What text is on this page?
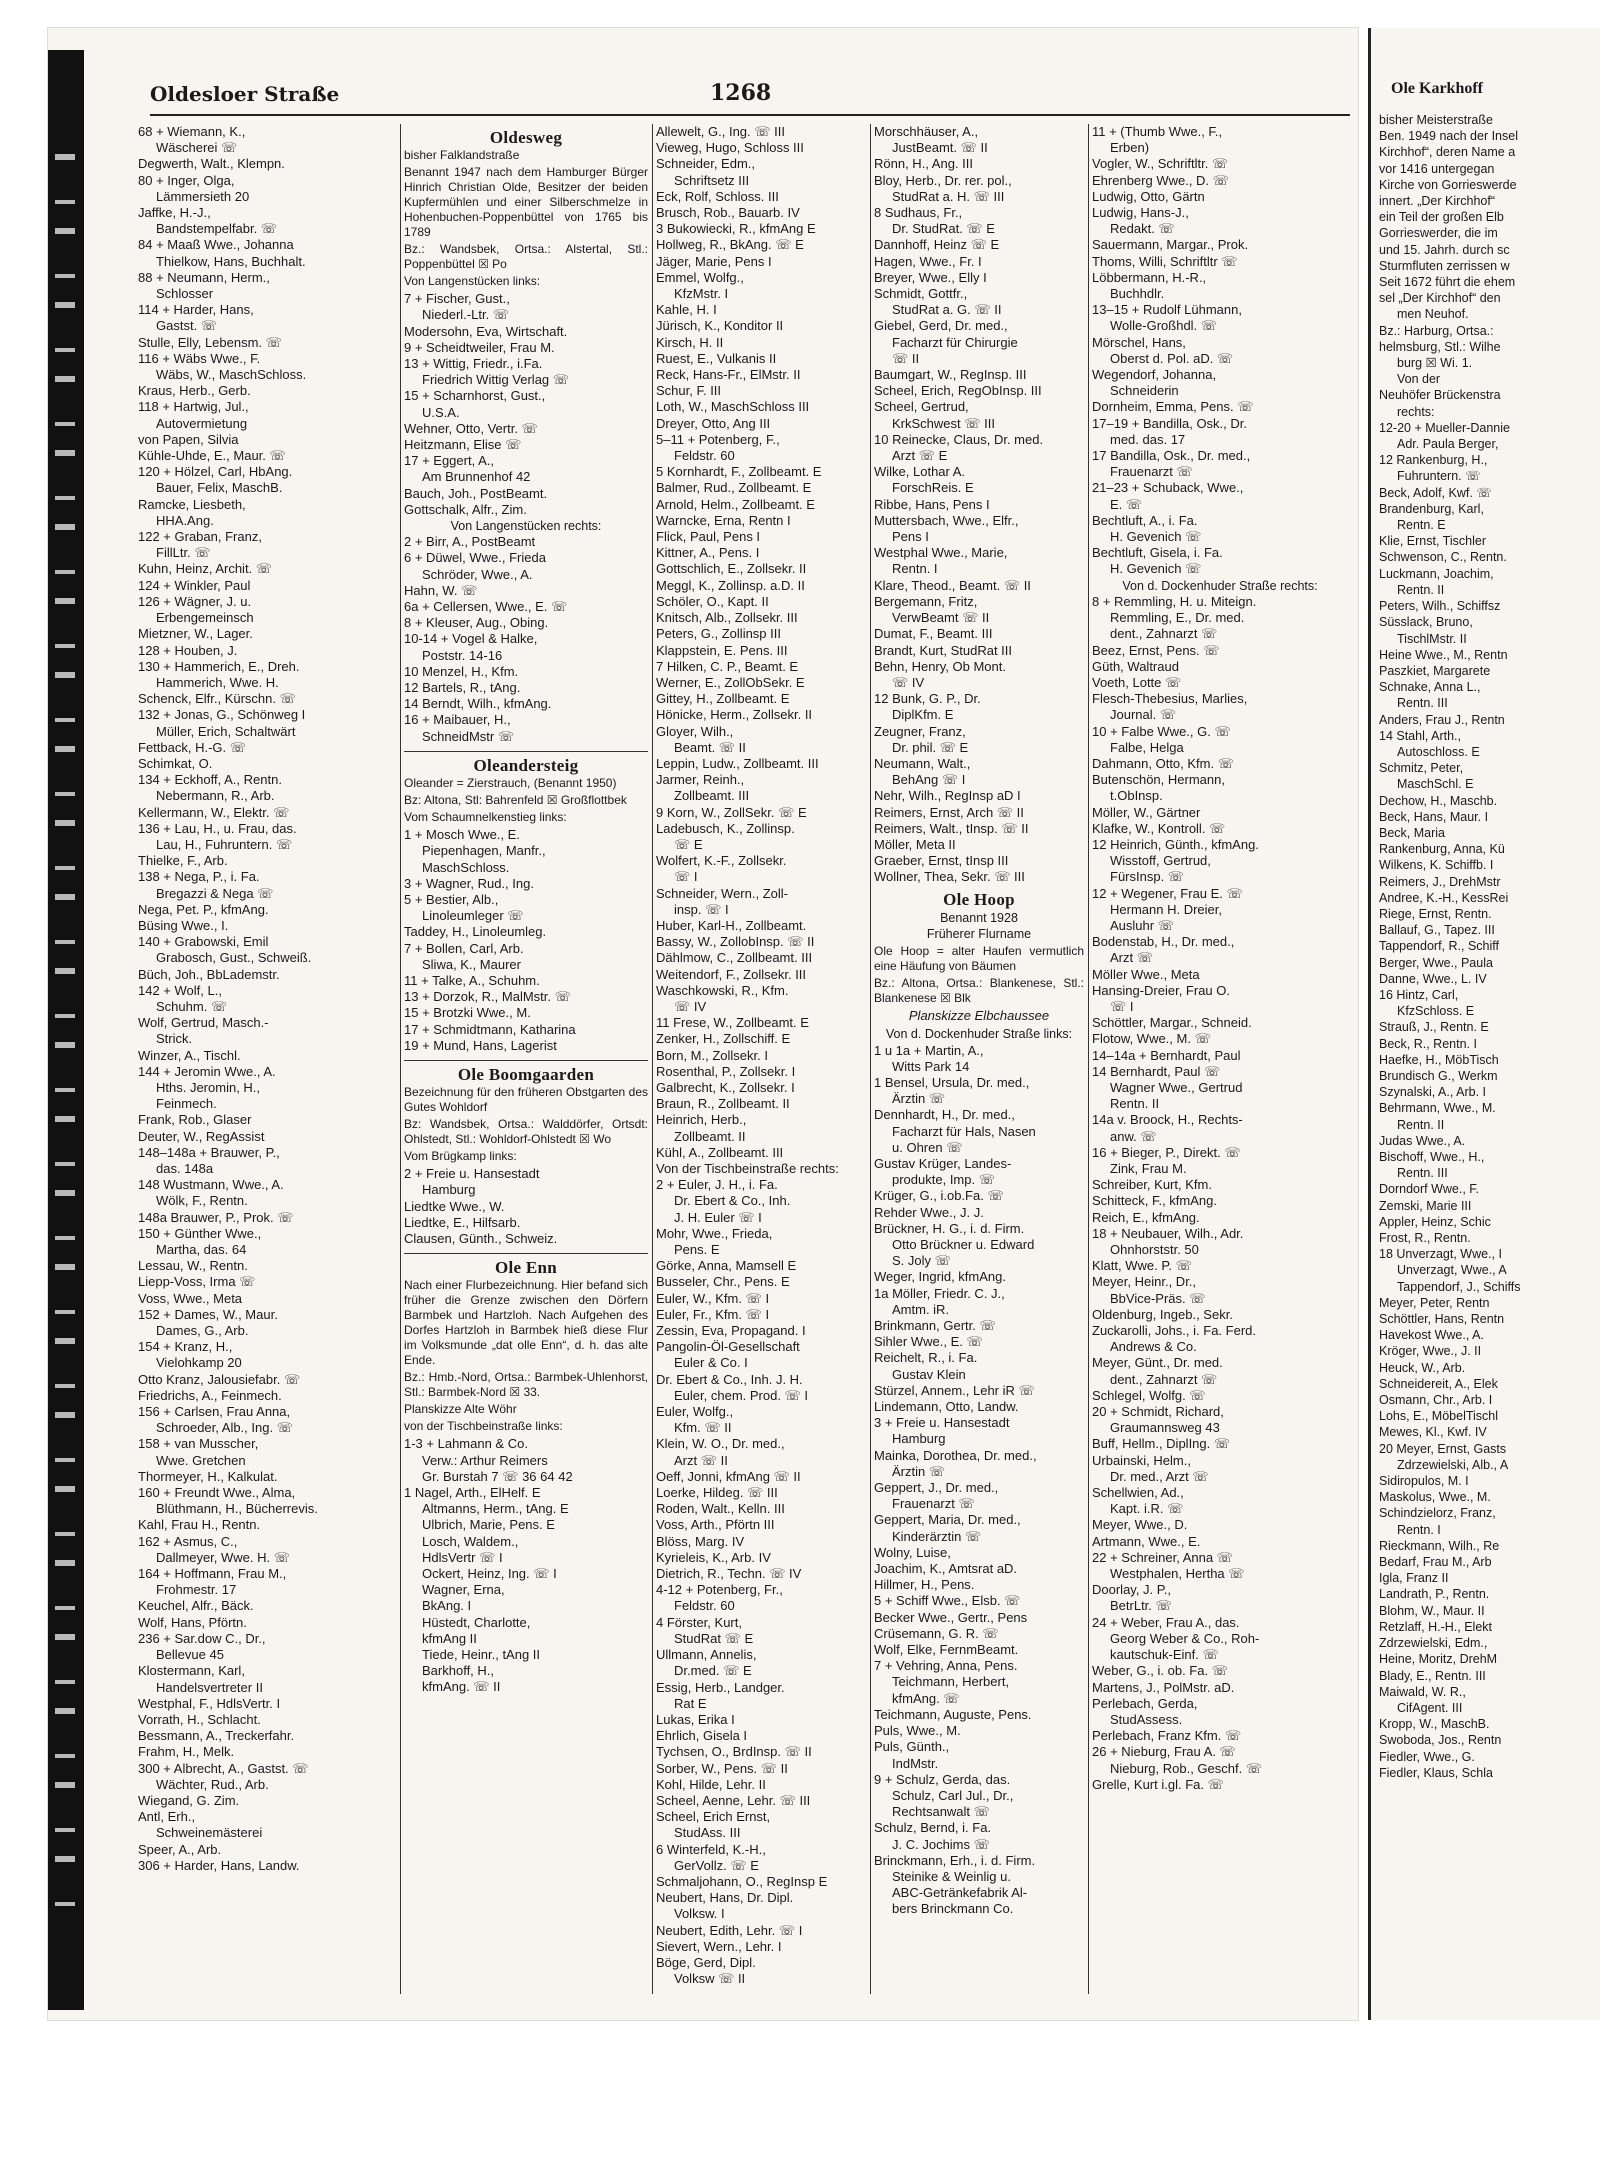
Oldesloer Straße	1268

68 + Wiemann, K.,

Wäscherei ☏

Degwerth, Walt., Klempn.

80 + Inger, Olga,

Lämmersieth 20

Jaffke, H.-J.,

Bandstempelfabr. ☏

84 + Maaß Wwe., Johanna

Thielkow, Hans, Buchhalt.

88 + Neumann, Herm.,

Schlosser

114 + Harder, Hans,

Gastst. ☏

Stulle, Elly, Lebensm. ☏

116 + Wäbs Wwe., F.

Wäbs, W., MaschSchloss.

Kraus, Herb., Gerb.

118 + Hartwig, Jul.,

Autovermietung

von Papen, Silvia

Kühle-Uhde, E., Maur. ☏

120 + Hölzel, Carl, HbAng.

Bauer, Felix, MaschB.

Ramcke, Liesbeth,

HHA.Ang.

122 + Graban, Franz,

FillLtr. ☏

Kuhn, Heinz, Archit. ☏

124 + Winkler, Paul

126 + Wägner, J. u.

Erbengemeinsch

Mietzner, W., Lager.

128 + Houben, J.

130 + Hammerich, E., Dreh.

Hammerich, Wwe. H.

Schenck, Elfr., Kürschn. ☏

132 + Jonas, G., Schönweg I

Müller, Erich, Schaltwärt

Fettback, H.-G. ☏

Schimkat, O.

134 + Eckhoff, A., Rentn.

Nebermann, R., Arb.

Kellermann, W., Elektr. ☏

136 + Lau, H., u. Frau, das.

Lau, H., Fuhruntern. ☏

Thielke, F., Arb.

138 + Nega, P., i. Fa.

Bregazzi & Nega ☏

Nega, Pet. P., kfmAng.

Büsing Wwe., I.

140 + Grabowski, Emil

Grabosch, Gust., Schweiß.

Büch, Joh., BbLademstr.

142 + Wolf, L.,

Schuhm. ☏

Wolf, Gertrud, Masch.-

Strick.

Winzer, A., Tischl.

144 + Jeromin Wwe., A.

Hths. Jeromin, H.,

Feinmech.

Frank, Rob., Glaser

Deuter, W., RegAssist

148–148a + Brauwer, P.,

das. 148a

148 Wustmann, Wwe., A.

Wölk, F., Rentn.

148a Brauwer, P., Prok. ☏

150 + Günther Wwe.,

Martha, das. 64

Lessau, W., Rentn.

Liepp-Voss, Irma ☏

Voss, Wwe., Meta

152 + Dames, W., Maur.

Dames, G., Arb.

154 + Kranz, H.,

Vielohkamp 20

Otto Kranz, Jalousiefabr. ☏

Friedrichs, A., Feinmech.

156 + Carlsen, Frau Anna,

Schroeder, Alb., Ing. ☏

158 + van Musscher,

Wwe. Gretchen

Thormeyer, H., Kalkulat.

160 + Freundt Wwe., Alma,

Blüthmann, H., Bücherrevis.

Kahl, Frau H., Rentn.

162 + Asmus, C.,

Dallmeyer, Wwe. H. ☏

164 + Hoffmann, Frau M.,

Frohmestr. 17

Keuchel, Alfr., Bäck.

Wolf, Hans, Pförtn.

236 + Sar.dow C., Dr.,

Bellevue 45

Klostermann, Karl,

Handelsvertreter II

Westphal, F., HdlsVertr. I

Vorrath, H., Schlacht.

Bessmann, A., Treckerfahr.

Frahm, H., Melk.

300 + Albrecht, A., Gastst. ☏

Wächter, Rud., Arb.

Wiegand, G. Zim.

Antl, Erh.,

Schweinemästerei

Speer, A., Arb.

306 + Harder, Hans, Landw.

Oldesweg

bisher Falklandstraße

Benannt 1947 nach dem Hamburger Bürger Hinrich Christian Olde, Besitzer der beiden Kupfermühlen und einer Silberschmelze in Hohenbuchen-Poppenbüttel von 1765 bis 1789

Bz.: Wandsbek, Ortsa.: Alstertal, Stl.: Poppenbüttel ☒ Po

Von Langenstücken links:

7 + Fischer, Gust.,

Niederl.-Ltr. ☏

Modersohn, Eva, Wirtschaft.

9 + Scheidtweiler, Frau M.

13 + Wittig, Friedr., i.Fa.

Friedrich Wittig Verlag ☏

15 + Scharnhorst, Gust.,

U.S.A.

Wehner, Otto, Vertr. ☏

Heitzmann, Elise ☏

17 + Eggert, A.,

Am Brunnenhof 42

Bauch, Joh., PostBeamt.

Gottschalk, Alfr., Zim.

Von Langenstücken rechts:

2 + Birr, A., PostBeamt

6 + Düwel, Wwe., Frieda

Schröder, Wwe., A.

Hahn, W. ☏

6a + Cellersen, Wwe., E. ☏

8 + Kleuser, Aug., Obing.

10-14 + Vogel & Halke,

Poststr. 14-16

10 Menzel, H., Kfm.

12 Bartels, R., tAng.

14 Berndt, Wilh., kfmAng.

16 + Maibauer, H.,

SchneidMstr ☏

Oleandersteig

Oleander = Zierstrauch, (Benannt 1950)

Bz: Altona, Stl: Bahrenfeld ☒ Großflottbek

Vom Schaumnelkenstieg links:

1 + Mosch Wwe., E.

Piepenhagen, Manfr.,

MaschSchloss.

3 + Wagner, Rud., Ing.

5 + Bestier, Alb.,

Linoleumleger ☏

Taddey, H., Linoleumleg.

7 + Bollen, Carl, Arb.

Sliwa, K., Maurer

11 + Talke, A., Schuhm.

13 + Dorzok, R., MalMstr. ☏

15 + Brotzki Wwe., M.

17 + Schmidtmann, Katharina

19 + Mund, Hans, Lagerist

Ole Boomgaarden

Bezeichnung für den früheren Obstgarten des Gutes Wohldorf

Bz: Wandsbek, Ortsa.: Walddörfer, Ortsdt: Ohlstedt, Stl.: Wohldorf-Ohlstedt ☒ Wo

Vom Brügkamp links:

2 + Freie u. Hansestadt

Hamburg

Liedtke Wwe., W.

Liedtke, E., Hilfsarb.

Clausen, Günth., Schweiz.

Ole Enn

Nach einer Flurbezeichnung. Hier befand sich früher die Grenze zwischen den Dörfern Barmbek und Hartzloh. Nach Aufgehen des Dorfes Hartzloh in Barmbek hieß diese Flur im Volksmunde „dat olle Enn“, d. h. das alte Ende.

Bz.: Hmb.-Nord, Ortsa.: Barmbek-Uhlenhorst, Stl.: Barmbek-Nord ☒ 33.

Planskizze Alte Wöhr

von der Tischbeinstraße links:

1-3 + Lahmann & Co.

Verw.: Arthur Reimers

Gr. Burstah 7 ☏ 36 64 42

1 Nagel, Arth., ElHelf. E

Altmanns, Herm., tAng. E

Ulbrich, Marie, Pens. E

Losch, Waldem.,

HdlsVertr ☏ I

Ockert, Heinz, Ing. ☏ I

Wagner, Erna,

BkAng. I

Hüstedt, Charlotte,

kfmAng II

Tiede, Heinr., tAng II

Barkhoff, H.,

kfmAng. ☏ II

Allewelt, G., Ing. ☏ III

Vieweg, Hugo, Schloss III

Schneider, Edm.,

Schriftsetz III

Eck, Rolf, Schloss. III

Brusch, Rob., Bauarb. IV

3 Bukowiecki, R., kfmAng E

Hollweg, R., BkAng. ☏ E

Jäger, Marie, Pens I

Emmel, Wolfg.,

KfzMstr. I

Kahle, H. I

Jürisch, K., Konditor II

Kirsch, H. II

Ruest, E., Vulkanis II

Reck, Hans-Fr., ElMstr. II

Schur, F. III

Loth, W., MaschSchloss III

Dreyer, Otto, Ang III

5–11 + Potenberg, F.,

Feldstr. 60

5 Kornhardt, F., Zollbeamt. E

Balmer, Rud., Zollbeamt. E

Arnold, Helm., Zollbeamt. E

Warncke, Erna, Rentn I

Flick, Paul, Pens I

Kittner, A., Pens. I

Gottschlich, E., Zollsekr. II

Meggl, K., Zollinsp. a.D. II

Schöler, O., Kapt. II

Knitsch, Alb., Zollsekr. III

Peters, G., Zollinsp III

Klappstein, E. Pens. III

7 Hilken, C. P., Beamt. E

Werner, E., ZollObSekr. E

Gittey, H., Zollbeamt. E

Hönicke, Herm., Zollsekr. II

Gloyer, Wilh.,

Beamt. ☏ II

Leppin, Ludw., Zollbeamt. III

Jarmer, Reinh.,

Zollbeamt. III

9 Korn, W., ZollSekr. ☏ E

Ladebusch, K., Zollinsp.

☏ E

Wolfert, K.-F., Zollsekr.

☏ I

Schneider, Wern., Zoll-

insp. ☏ I

Huber, Karl-H., Zollbeamt.

Bassy, W., ZollobInsp. ☏ II

Dählmow, C., Zollbeamt. III

Weitendorf, F., Zollsekr. III

Waschkowski, R., Kfm.

☏ IV

11 Frese, W., Zollbeamt. E

Zenker, H., Zollschiff. E

Born, M., Zollsekr. I

Rosenthal, P., Zollsekr. I

Galbrecht, K., Zollsekr. I

Braun, R., Zollbeamt. II

Heinrich, Herb.,

Zollbeamt. II

Kühl, A., Zollbeamt. III

Von der Tischbeinstraße rechts:

2 + Euler, J. H., i. Fa.

Dr. Ebert & Co., Inh.

J. H. Euler ☏ I

Mohr, Wwe., Frieda,

Pens. E

Görke, Anna, Mamsell E

Busseler, Chr., Pens. E

Euler, W., Kfm. ☏ I

Euler, Fr., Kfm. ☏ I

Zessin, Eva, Propagand. I

Pangolin-Öl-Gesellschaft

Euler & Co. I

Dr. Ebert & Co., Inh. J. H.

Euler, chem. Prod. ☏ I

Euler, Wolfg.,

Kfm. ☏ II

Klein, W. O., Dr. med.,

Arzt ☏ II

Oeff, Jonni, kfmAng ☏ II

Loerke, Hildeg. ☏ III

Roden, Walt., Kelln. III

Voss, Arth., Pförtn III

Blöss, Marg. IV

Kyrieleis, K., Arb. IV

Dietrich, R., Techn. ☏ IV

4-12 + Potenberg, Fr.,

Feldstr. 60

4 Förster, Kurt,

StudRat ☏ E

Ullmann, Annelis,

Dr.med. ☏ E

Essig, Herb., Landger.

Rat E

Lukas, Erika I

Ehrlich, Gisela I

Tychsen, O., BrdInsp. ☏ II

Sorber, W., Pens. ☏ II

Kohl, Hilde, Lehr. II

Scheel, Aenne, Lehr. ☏ III

Scheel, Erich Ernst,

StudAss. III

6 Winterfeld, K.-H.,

GerVollz. ☏ E

Schmaljohann, O., RegInsp E

Neubert, Hans, Dr. Dipl.

Volksw. I

Neubert, Edith, Lehr. ☏ I

Sievert, Wern., Lehr. I

Böge, Gerd, Dipl.

Volksw ☏ II

Morschhäuser, A.,

JustBeamt. ☏ II

Rönn, H., Ang. III

Bloy, Herb., Dr. rer. pol.,

StudRat a. H. ☏ III

8 Sudhaus, Fr.,

Dr. StudRat. ☏ E

Dannhoff, Heinz ☏ E

Hagen, Wwe., Fr. I

Breyer, Wwe., Elly I

Schmidt, Gottfr.,

StudRat a. G. ☏ II

Giebel, Gerd, Dr. med.,

Facharzt für Chirurgie

☏ II

Baumgart, W., RegInsp. III

Scheel, Erich, RegObInsp. III

Scheel, Gertrud,

KrkSchwest ☏ III

10 Reinecke, Claus, Dr. med.

Arzt ☏ E

Wilke, Lothar A.

ForschReis. E

Ribbe, Hans, Pens I

Muttersbach, Wwe., Elfr.,

Pens I

Westphal Wwe., Marie,

Rentn. I

Klare, Theod., Beamt. ☏ II

Bergemann, Fritz,

VerwBeamt ☏ II

Dumat, F., Beamt. III

Brandt, Kurt, StudRat III

Behn, Henry, Ob Mont.

☏ IV

12 Bunk, G. P., Dr.

DiplKfm. E

Zeugner, Franz,

Dr. phil. ☏ E

Neumann, Walt.,

BehAng ☏ I

Nehr, Wilh., RegInsp aD I

Reimers, Ernst, Arch ☏ II

Reimers, Walt., tInsp. ☏ II

Möller, Meta II

Graeber, Ernst, tInsp III

Wollner, Thea, Sekr. ☏ III

Ole Hoop

Benannt 1928

Früherer Flurname

Ole Hoop = alter Haufen vermutlich eine Häufung von Bäumen

Bz.: Altona, Ortsa.: Blankenese, Stl.: Blankenese ☒ Blk

Planskizze Elbchaussee

Von d. Dockenhuder Straße links:

1 u 1a + Martin, A.,

Witts Park 14

1 Bensel, Ursula, Dr. med.,

Ärztin ☏

Dennhardt, H., Dr. med.,

Facharzt für Hals, Nasen

u. Ohren ☏

Gustav Krüger, Landes-

produkte, Imp. ☏

Krüger, G., i.ob.Fa. ☏

Rehder Wwe., J. J.

Brückner, H. G., i. d. Firm.

Otto Brückner u. Edward

S. Joly ☏

Weger, Ingrid, kfmAng.

1a Möller, Friedr. C. J.,

Amtm. iR.

Brinkmann, Gertr. ☏

Sihler Wwe., E. ☏

Reichelt, R., i. Fa.

Gustav Klein

Stürzel, Annem., Lehr iR ☏

Lindemann, Otto, Landw.

3 + Freie u. Hansestadt

Hamburg

Mainka, Dorothea, Dr. med.,

Ärztin ☏

Geppert, J., Dr. med.,

Frauenarzt ☏

Geppert, Maria, Dr. med.,

Kinderärztin ☏

Wolny, Luise,

Joachim, K., Amtsrat aD.

Hillmer, H., Pens.

5 + Schiff Wwe., Elsb. ☏

Becker Wwe., Gertr., Pens

Crüsemann, G. R. ☏

Wolf, Elke, FernmBeamt.

7 + Vehring, Anna, Pens.

Teichmann, Herbert,

kfmAng. ☏

Teichmann, Auguste, Pens.

Puls, Wwe., M.

Puls, Günth.,

IndMstr.

9 + Schulz, Gerda, das.

Schulz, Carl Jul., Dr.,

Rechtsanwalt ☏

Schulz, Bernd, i. Fa.

J. C. Jochims ☏

Brinckmann, Erh., i. d. Firm.

Steinike & Weinlig u.

ABC-Getränkefabrik Al-

bers Brinckmann Co.

11 + (Thumb Wwe., F.,

Erben)

Vogler, W., Schriftltr. ☏

Ehrenberg Wwe., D. ☏

Ludwig, Otto, Gärtn

Ludwig, Hans-J.,

Redakt. ☏

Sauermann, Margar., Prok.

Thoms, Willi, Schriftltr ☏

Löbbermann, H.-R.,

Buchhdlr.

13–15 + Rudolf Lühmann,

Wolle-Großhdl. ☏

Mörschel, Hans,

Oberst d. Pol. aD. ☏

Wegendorf, Johanna,

Schneiderin

Dornheim, Emma, Pens. ☏

17–19 + Bandilla, Osk., Dr.

med. das. 17

17 Bandilla, Osk., Dr. med.,

Frauenarzt ☏

21–23 + Schuback, Wwe.,

E. ☏

Bechtluft, A., i. Fa.

H. Gevenich ☏

Bechtluft, Gisela, i. Fa.

H. Gevenich ☏

Von d. Dockenhuder Straße rechts:

8 + Remmling, H. u. Miteign.

Remmling, E., Dr. med.

dent., Zahnarzt ☏

Beez, Ernst, Pens. ☏

Güth, Waltraud

Voeth, Lotte ☏

Flesch-Thebesius, Marlies,

Journal. ☏

10 + Falbe Wwe., G. ☏

Falbe, Helga

Dahmann, Otto, Kfm. ☏

Butenschön, Hermann,

t.ObInsp.

Möller, W., Gärtner

Klafke, W., Kontroll. ☏

12 Heinrich, Günth., kfmAng.

Wisstoff, Gertrud,

FürsInsp. ☏

12 + Wegener, Frau E. ☏

Hermann H. Dreier,

Ausluhr ☏

Bodenstab, H., Dr. med.,

Arzt ☏

Möller Wwe., Meta

Hansing-Dreier, Frau O.

☏ I

Schöttler, Margar., Schneid.

Flotow, Wwe., M. ☏

14–14a + Bernhardt, Paul

14 Bernhardt, Paul ☏

Wagner Wwe., Gertrud

Rentn. II

14a v. Broock, H., Rechts-

anw. ☏

16 + Bieger, P., Direkt. ☏

Zink, Frau M.

Schreiber, Kurt, Kfm.

Schitteck, F., kfmAng.

Reich, E., kfmAng.

18 + Neubauer, Wilh., Adr.

Ohnhorststr. 50

Klatt, Wwe. P. ☏

Meyer, Heinr., Dr.,

BbVice-Präs. ☏

Oldenburg, Ingeb., Sekr.

Zuckarolli, Johs., i. Fa. Ferd.

Andrews & Co.

Meyer, Günt., Dr. med.

dent., Zahnarzt ☏

Schlegel, Wolfg. ☏

20 + Schmidt, Richard,

Graumannsweg 43

Buff, Hellm., DiplIng. ☏

Urbainski, Helm.,

Dr. med., Arzt ☏

Schellwien, Ad.,

Kapt. i.R. ☏

Meyer, Wwe., D.

Artmann, Wwe., E.

22 + Schreiner, Anna ☏

Westphalen, Hertha ☏

Doorlay, J. P.,

BetrLtr. ☏

24 + Weber, Frau A., das.

Georg Weber & Co., Roh-

kautschuk-Einf. ☏

Weber, G., i. ob. Fa. ☏

Martens, J., PolMstr. aD.

Perlebach, Gerda,

StudAssess.

Perlebach, Franz Kfm. ☏

26 + Nieburg, Frau A. ☏

Nieburg, Rob., Geschf. ☏

Grelle, Kurt i.gl. Fa. ☏

Ole Karkhoff

bisher Meisterstraße

Ben. 1949 nach der Insel

Kirchhof“, deren Name a

vor 1416 untergegan

Kirche von Gorrieswerde

innert. „Der Kirchhof“

ein Teil der großen Elb

Gorrieswerder, die im

und 15. Jahrh. durch sc

Sturmfluten zerrissen w

Seit 1672 führt die ehem

sel „Der Kirchhof“ den

men Neuhof.

Bz.: Harburg, Ortsa.:

helmsburg, Stl.: Wilhe

burg ☒ Wi. 1.

Von der

Neuhöfer Brückenstra

rechts:

12-20 + Mueller-Dannie

Adr. Paula Berger,

12 Rankenburg, H.,

Fuhruntern. ☏

Beck, Adolf, Kwf. ☏

Brandenburg, Karl,

Rentn. E

Klie, Ernst, Tischler

Schwenson, C., Rentn.

Luckmann, Joachim,

Rentn. II

Peters, Wilh., Schiffsz

Süsslack, Bruno,

TischlMstr. II

Heine Wwe., M., Rentn

Paszkiet, Margarete

Schnake, Anna L.,

Rentn. III

Anders, Frau J., Rentn

14 Stahl, Arth.,

Autoschloss. E

Schmitz, Peter,

MaschSchl. E

Dechow, H., Maschb.

Beck, Hans, Maur. I

Beck, Maria

Rankenburg, Anna, Kü

Wilkens, K. Schiffb. I

Reimers, J., DrehMstr

Andree, K.-H., KessRei

Riege, Ernst, Rentn.

Ballauf, G., Tapez. III

Tappendorf, R., Schiff

Berger, Wwe., Paula

Danne, Wwe., L. IV

16 Hintz, Carl,

KfzSchloss. E

Strauß, J., Rentn. E

Beck, R., Rentn. I

Haefke, H., MöbTisch

Brundisch G., Werkm

Szynalski, A., Arb. I

Behrmann, Wwe., M.

Rentn. II

Judas Wwe., A.

Bischoff, Wwe., H.,

Rentn. III

Dorndorf Wwe., F.

Zemski, Marie III

Appler, Heinz, Schic

Frost, R., Rentn.

18 Unverzagt, Wwe., I

Unverzagt, Wwe., A

Tappendorf, J., Schiffs

Meyer, Peter, Rentn

Schöttler, Hans, Rentn

Havekost Wwe., A.

Kröger, Wwe., J. II

Heuck, W., Arb.

Schneidereit, A., Elek

Osmann, Chr., Arb. I

Lohs, E., MöbelTischl

Mewes, Kl., Kwf. IV

20 Meyer, Ernst, Gasts

Zdrzewielski, Alb., A

Sidiropulos, M. I

Maskolus, Wwe., M.

Schindzielorz, Franz,

Rentn. I

Rieckmann, Wilh., Re

Bedarf, Frau M., Arb

Igla, Franz II

Landrath, P., Rentn.

Blohm, W., Maur. II

Retzlaff, H.-H., Elekt

Zdrzewielski, Edm.,

Heine, Moritz, DrehM

Blady, E., Rentn. III

Maiwald, W. R.,

CifAgent. III

Kropp, W., MaschB.

Swoboda, Jos., Rentn

Fiedler, Wwe., G.

Fiedler, Klaus, Schla
